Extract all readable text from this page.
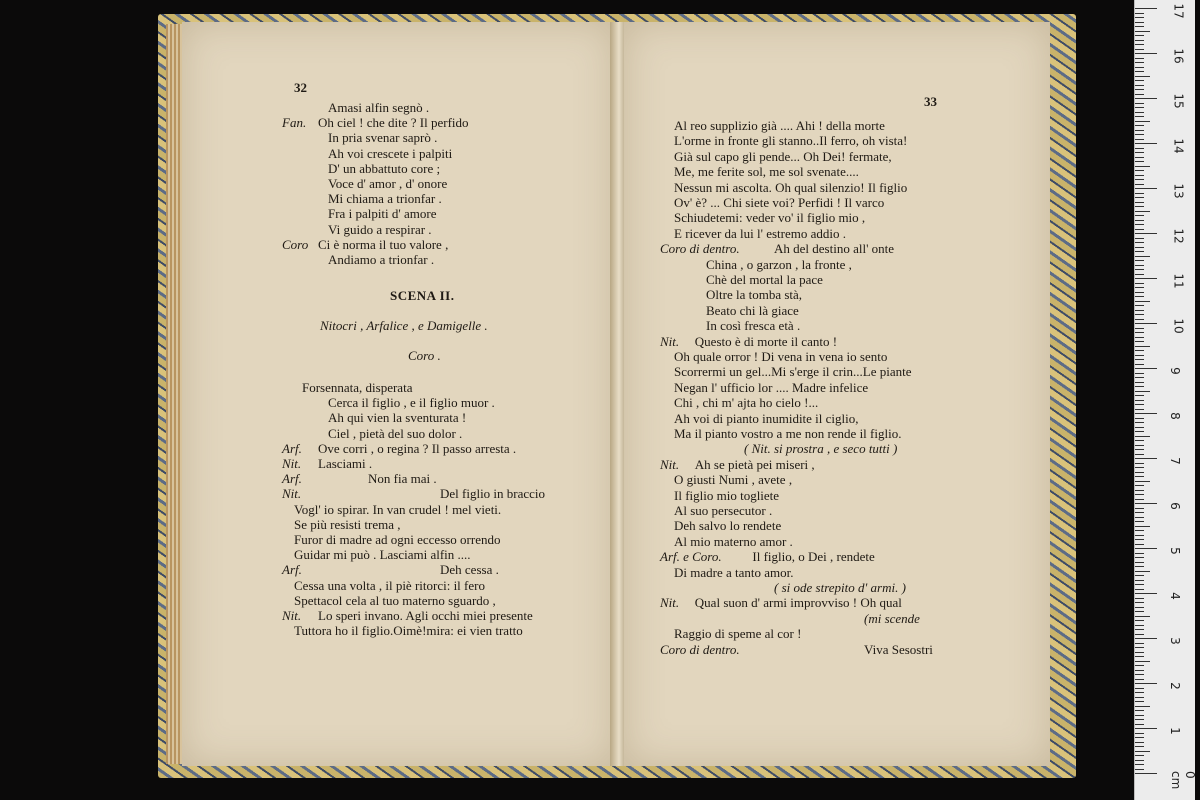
32
Amasi alfin segnò .
Fan. Oh ciel ! che dite ? Il perfido
In pria svenar saprò .
Ah voi crescete i palpiti
D' un abbattuto core ;
Voce d' amor , d' onore
Mi chiama a trionfar .
Fra i palpiti d' amore
Vi guido a respirar .
Coro Ci è norma il tuo valore ,
Andiamo a trionfar .
SCENA II.
Nitocri , Arfalice , e Damigelle .
Coro .
Forsennata, disperata
Cerca il figlio , e il figlio muor .
Ah qui vien la sventurata !
Ciel , pietà del suo dolor .
Arf. Ove corri , o regina ? Il passo arresta .
Nit. Lasciami .
Arf.	Non fia mai .
Nit.	Del figlio in braccio
Vogl' io spirar. In van crudel ! mel vieti.
Se più resisti trema ,
Furor di madre ad ogni eccesso orrendo
Guidar mi può . Lasciami alfin ....
Arf.	Deh cessa .
Cessa una volta , il piè ritorci: il fero
Spettacol cela al tuo materno sguardo ,
Nit. Lo speri invano. Agli occhi miei presente
Tuttora ho il figlio.Oimè!mira: ei vien tratto
33
Al reo supplizio già .... Ahi ! della morte
L'orme in fronte gli stanno..Il ferro, oh vista!
Già sul capo gli pende... Oh Dei! fermate,
Me, me ferite sol, me sol svenate....
Nessun mi ascolta. Oh qual silenzio! Il figlio
Ov' è? ... Chi siete voi? Perfidi ! Il varco
Schiudetemi: veder vo' il figlio mio ,
E ricever da lui l' estremo addio .
Coro di dentro.	Ah del destino all' onte
China , o garzon , la fronte ,
Chè del mortal la pace
Oltre la tomba stà,
Beato chi là giace
In così fresca età .
Nit. Questo è di morte il canto !
Oh quale orror ! Di vena in vena io sento
Scorrermi un gel...Mi s'erge il crin...Le piante
Negan l' ufficio lor .... Madre infelice
Chi , chi m' ajta ho cielo !...
Ah voi di pianto inumidite il ciglio,
Ma il pianto vostro a me non rende il figlio.
( Nit. si prostra , e seco tutti )
Nit. Ah se pietà pei miseri ,
O giusti Numi , avete ,
Il figlio mio togliete
Al suo persecutor .
Deh salvo lo rendete
Al mio materno amor .
Arf. e Coro. Il figlio, o Dei , rendete
Di madre a tanto amor.
( si ode strepito d' armi. )
Nit. Qual suon d' armi improvviso ! Oh qual
(mi scende
Raggio di speme al cor !
Coro di dentro.	Viva Sesostri
17
16
15
14
13
12
11
10
9
8
7
6
5
4
3
2
1
0 cm
